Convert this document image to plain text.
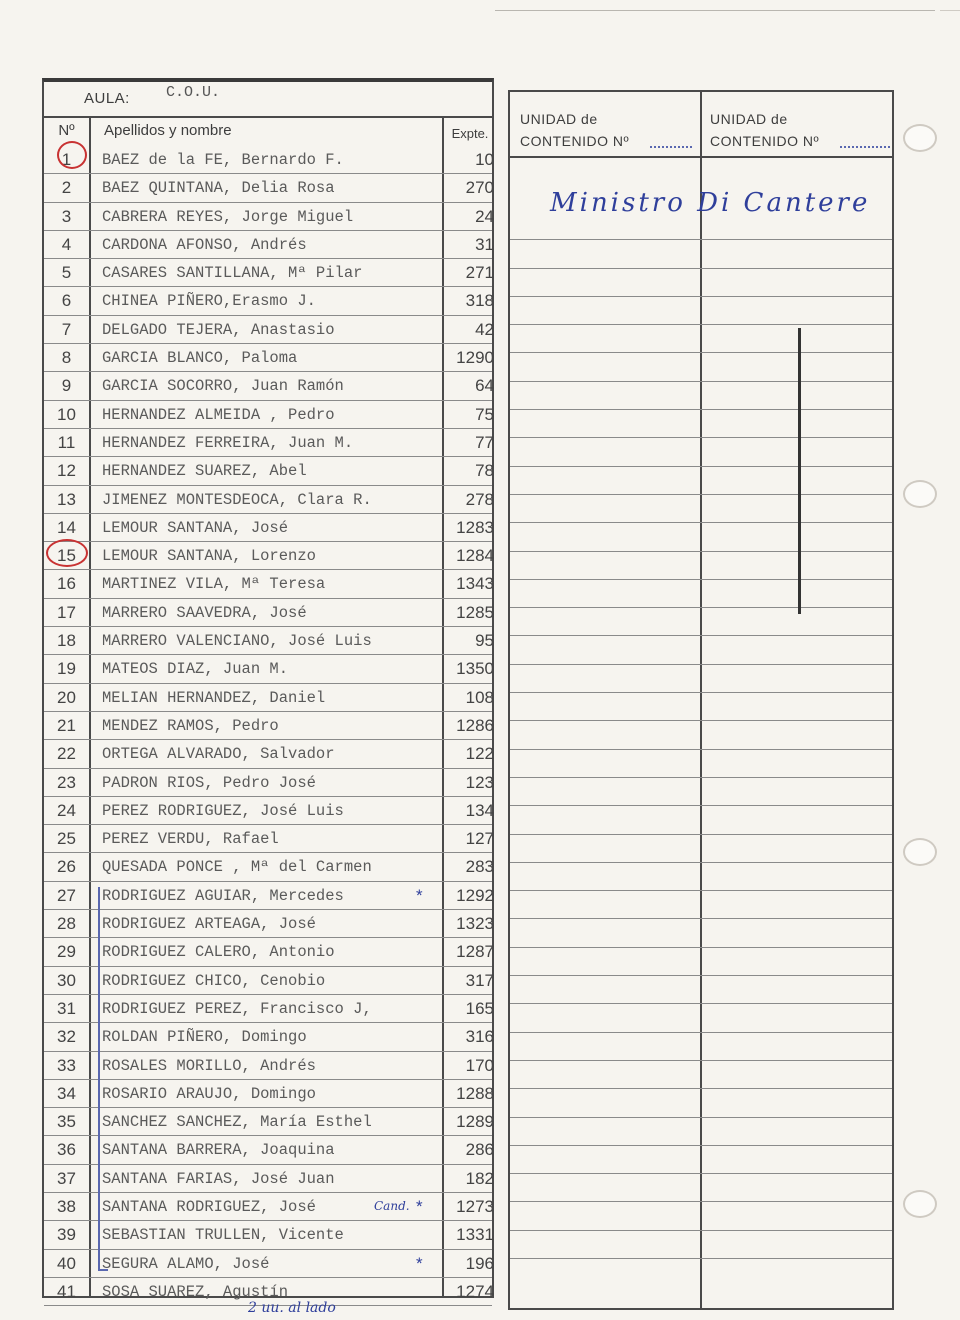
AULA: C.O.U.
Nº	Apellidos y nombre	Expte.
1	BAEZ de la FE, Bernardo F.	10
2	BAEZ QUINTANA, Delia Rosa	270
3	CABRERA REYES, Jorge Miguel	24
4	CARDONA AFONSO, Andrés	31
5	CASARES SANTILLANA, Mª Pilar	271
6	CHINEA PIÑERO,Erasmo J.	318
7	DELGADO TEJERA, Anastasio	42
8	GARCIA BLANCO, Paloma	1290
9	GARCIA SOCORRO, Juan Ramón	64
10	HERNANDEZ ALMEIDA , Pedro	75
11	HERNANDEZ FERREIRA, Juan M.	77
12	HERNANDEZ SUAREZ, Abel	78
13	JIMENEZ MONTESDEOCA, Clara R.	278
14	LEMOUR SANTANA, José	1283
15	LEMOUR SANTANA, Lorenzo	1284
16	MARTINEZ VILA, Mª Teresa	1343
17	MARRERO SAAVEDRA, José	1285
18	MARRERO VALENCIANO, José Luis	95
19	MATEOS DIAZ, Juan M.	1350
20	MELIAN HERNANDEZ, Daniel	108
21	MENDEZ RAMOS, Pedro	1286
22	ORTEGA ALVARADO, Salvador	122
23	PADRON RIOS, Pedro José	123
24	PEREZ RODRIGUEZ, José Luis	134
25	PEREZ VERDU, Rafael	127
26	QUESADA PONCE , Mª del Carmen	283
27	RODRIGUEZ AGUIAR, Mercedes	*	1292
28	RODRIGUEZ ARTEAGA, José	1323
29	RODRIGUEZ CALERO, Antonio	1287
30	RODRIGUEZ CHICO, Cenobio	317
31	RODRIGUEZ PEREZ, Francisco J,	165
32	ROLDAN PIÑERO, Domingo	316
33	ROSALES MORILLO, Andrés	170
34	ROSARIO ARAUJO, Domingo	1288
35	SANCHEZ SANCHEZ, María Esthel	1289
36	SANTANA BARRERA, Joaquina	286
37	SANTANA FARIAS, José Juan	182
38	SANTANA RODRIGUEZ, José	Cand. *	1273
39	SEBASTIAN TRULLEN, Vicente	1331
40	SEGURA ALAMO, José	*	196
41	SOSA SUAREZ, Agustín	1274
UNIDAD de
CONTENIDO Nº
UNIDAD de
CONTENIDO Nº
Ministro Di Cantere
2 uu. al lado
